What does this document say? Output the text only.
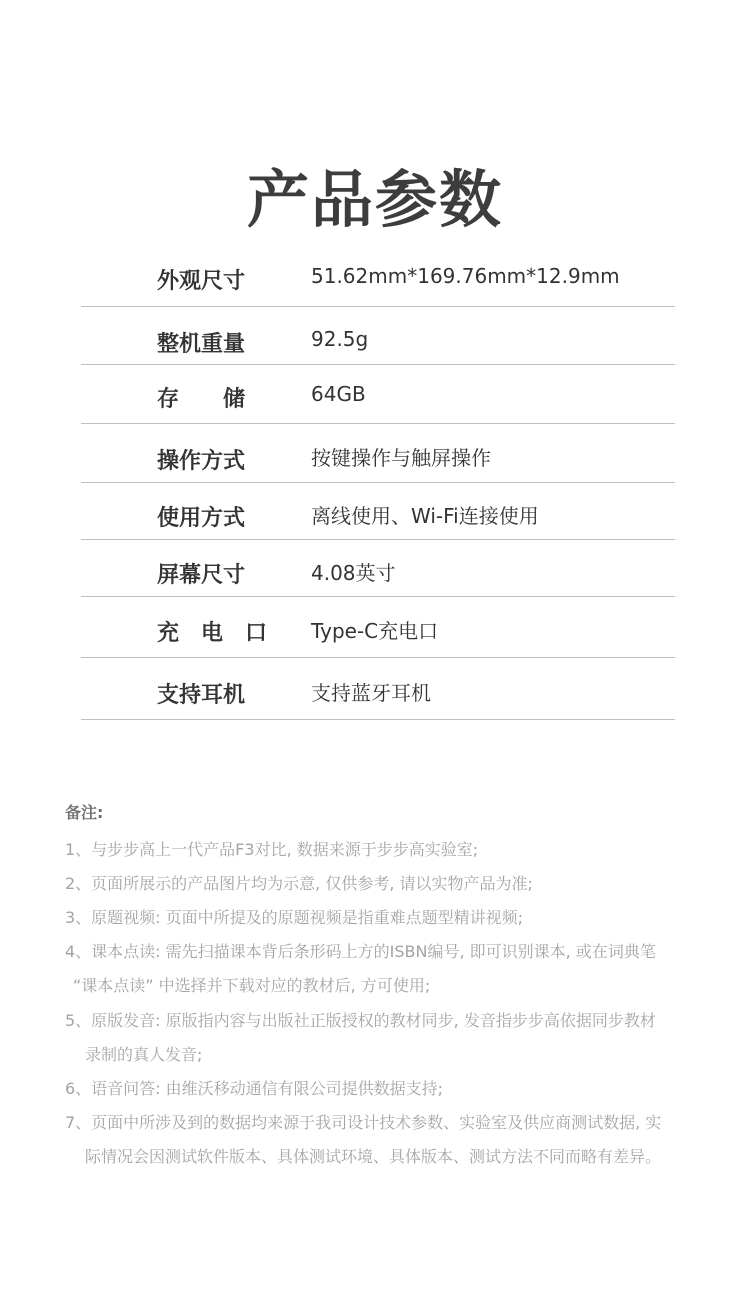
产品参数
外观尺寸	51.62mm*169.76mm*12.9mm
整机重量	92.5g
存　　储	64GB
操作方式	按键操作与触屏操作
使用方式	离线使用、Wi-Fi连接使用
屏幕尺寸	4.08英寸
充　电　口 Type-C充电口
支持耳机	支持蓝牙耳机
备注:
1、与步步高上一代产品F3对比, 数据来源于步步高实验室;
2、页面所展示的产品图片均为示意, 仅供参考, 请以实物产品为准;
3、原题视频: 页面中所提及的原题视频是指重难点题型精讲视频;
4、课本点读: 需先扫描课本背后条形码上方的ISBN编号, 即可识别课本, 或在词典笔
“课本点读” 中选择并下载对应的教材后, 方可使用;
5、原版发音: 原版指内容与出版社正版授权的教材同步, 发音指步步高依据同步教材
录制的真人发音;
6、语音问答: 由维沃移动通信有限公司提供数据支持;
7、页面中所涉及到的数据均来源于我司设计技术参数、实验室及供应商测试数据, 实
际情况会因测试软件版本、具体测试环境、具体版本、测试方法不同而略有差异。
